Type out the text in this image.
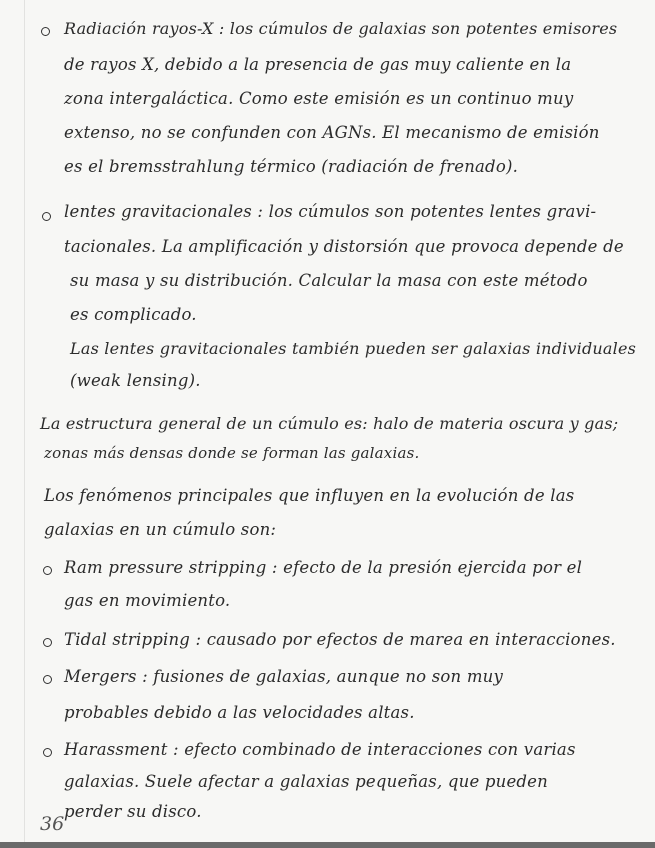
Radiación rayos-X : los cúmulos de galaxias son potentes emisores
de rayos X, debido a la presencia de gas muy caliente en la
zona intergaláctica. Como este emisión es un continuo muy
extenso, no se confunden con AGNs. El mecanismo de emisión
es el bremsstrahlung térmico (radiación de frenado).
lentes gravitacionales : los cúmulos son potentes lentes gravi-
tacionales. La amplificación y distorsión que provoca depende de
su masa y su distribución. Calcular la masa con este método
es complicado.
Las lentes gravitacionales también pueden ser galaxias individuales
(weak lensing).
La estructura general de un cúmulo es: halo de materia oscura y gas;
zonas más densas donde se forman las galaxias.
Los fenómenos principales que influyen en la evolución de las
galaxias en un cúmulo son:
Ram pressure stripping : efecto de la presión ejercida por el
gas en movimiento.
Tidal stripping : causado por efectos de marea en interacciones.
Mergers : fusiones de galaxias, aunque no son muy
probables debido a las velocidades altas.
Harassment : efecto combinado de interacciones con varias
galaxias. Suele afectar a galaxias pequeñas, que pueden
perder su disco.
36
